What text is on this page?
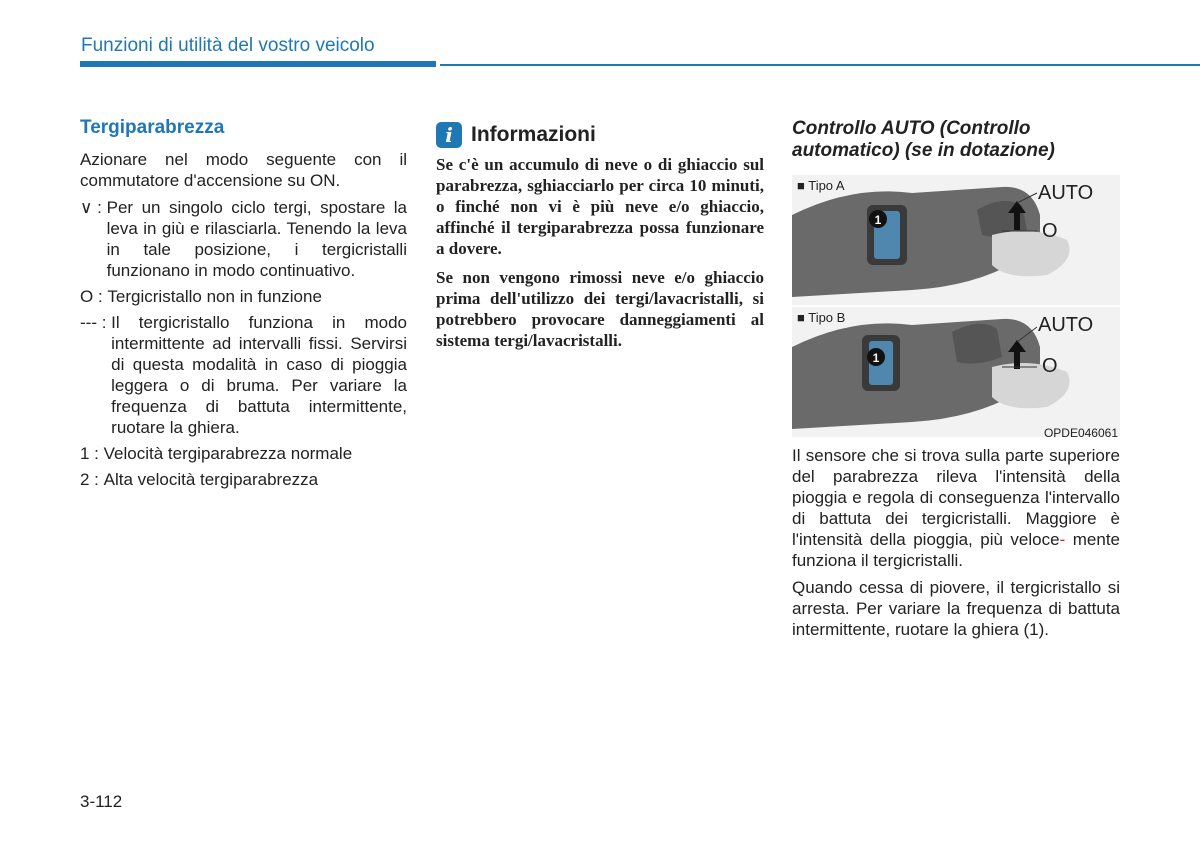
Funzioni di utilità del vostro veicolo
Tergiparabrezza

Azionare nel modo seguente con il commutatore d'accensione su ON.

∨ : Per un singolo ciclo tergi, spostare la leva in giù e rilasciarla. Tenendo la leva in tale posizione, i tergicristalli funzionano in modo continuativo.
O : Tergicristallo non in funzione
--- : Il tergicristallo funziona in modo intermittente ad intervalli fissi. Servirsi di questa modalità in caso di pioggia leggera o di bruma. Per variare la frequenza di battuta intermittente, ruotare la ghiera.
1 : Velocità tergiparabrezza normale
2 : Alta velocità tergiparabrezza
i Informazioni

Se c'è un accumulo di neve o di ghiaccio sul parabrezza, sghiacciarlo per circa 10 minuti, o finché non vi è più neve e/o ghiaccio, affinché il tergiparabrezza possa funzionare a dovere.

Se non vengono rimossi neve e/o ghiaccio prima dell'utilizzo dei tergi/lavacristalli, si potrebbero provocare danneggiamenti al sistema tergi/lavacristalli.

Controllo AUTO (Controllo automatico) (se in dotazione)
1
■ Tipo A	AUTO
O
1
■ Tipo B	AUTO
O
OPDE046061

Il sensore che si trova sulla parte superiore del parabrezza rileva l'intensità della pioggia e regola di conseguenza l'intervallo di battuta dei tergicristalli. Maggiore è l'intensità della pioggia, più veloce- mente funziona il tergicristalli.

Quando cessa di piovere, il tergicristallo si arresta. Per variare la frequenza di battuta intermittente, ruotare la ghiera (1).

3-112
